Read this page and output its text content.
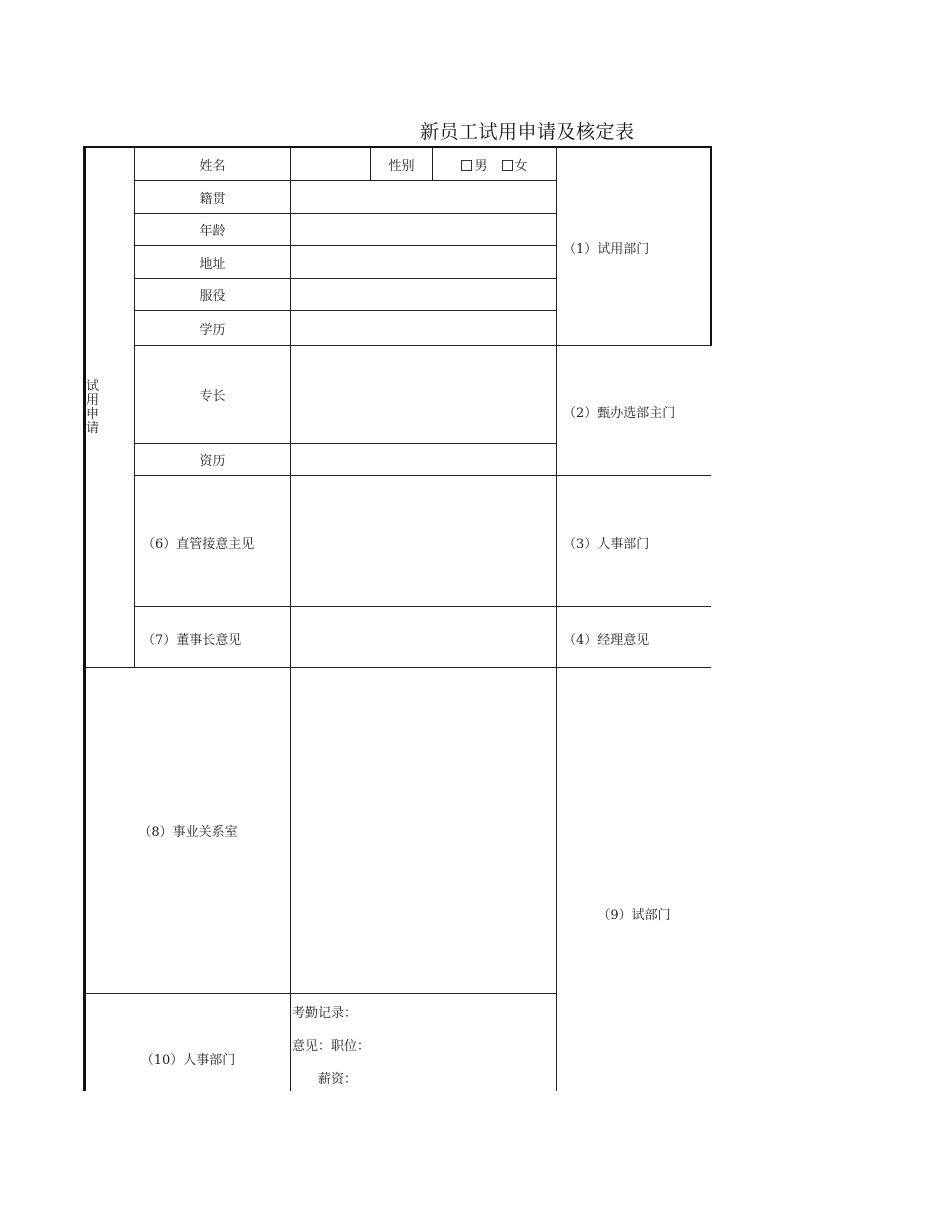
新员工试用申请及核定表
试用申请
姓名
籍贯
年龄
地址
服役
学历
专长
资历
性别	男	女
（1）试用部门
（2）甄办选部主门
（3）人事部门
（4）经理意见
（6）直管接意主见
（7）董事长意见
（8）事业关系室
（9）试部门
（10）人事部门
考勤记录：
意见：职位：
薪资：
